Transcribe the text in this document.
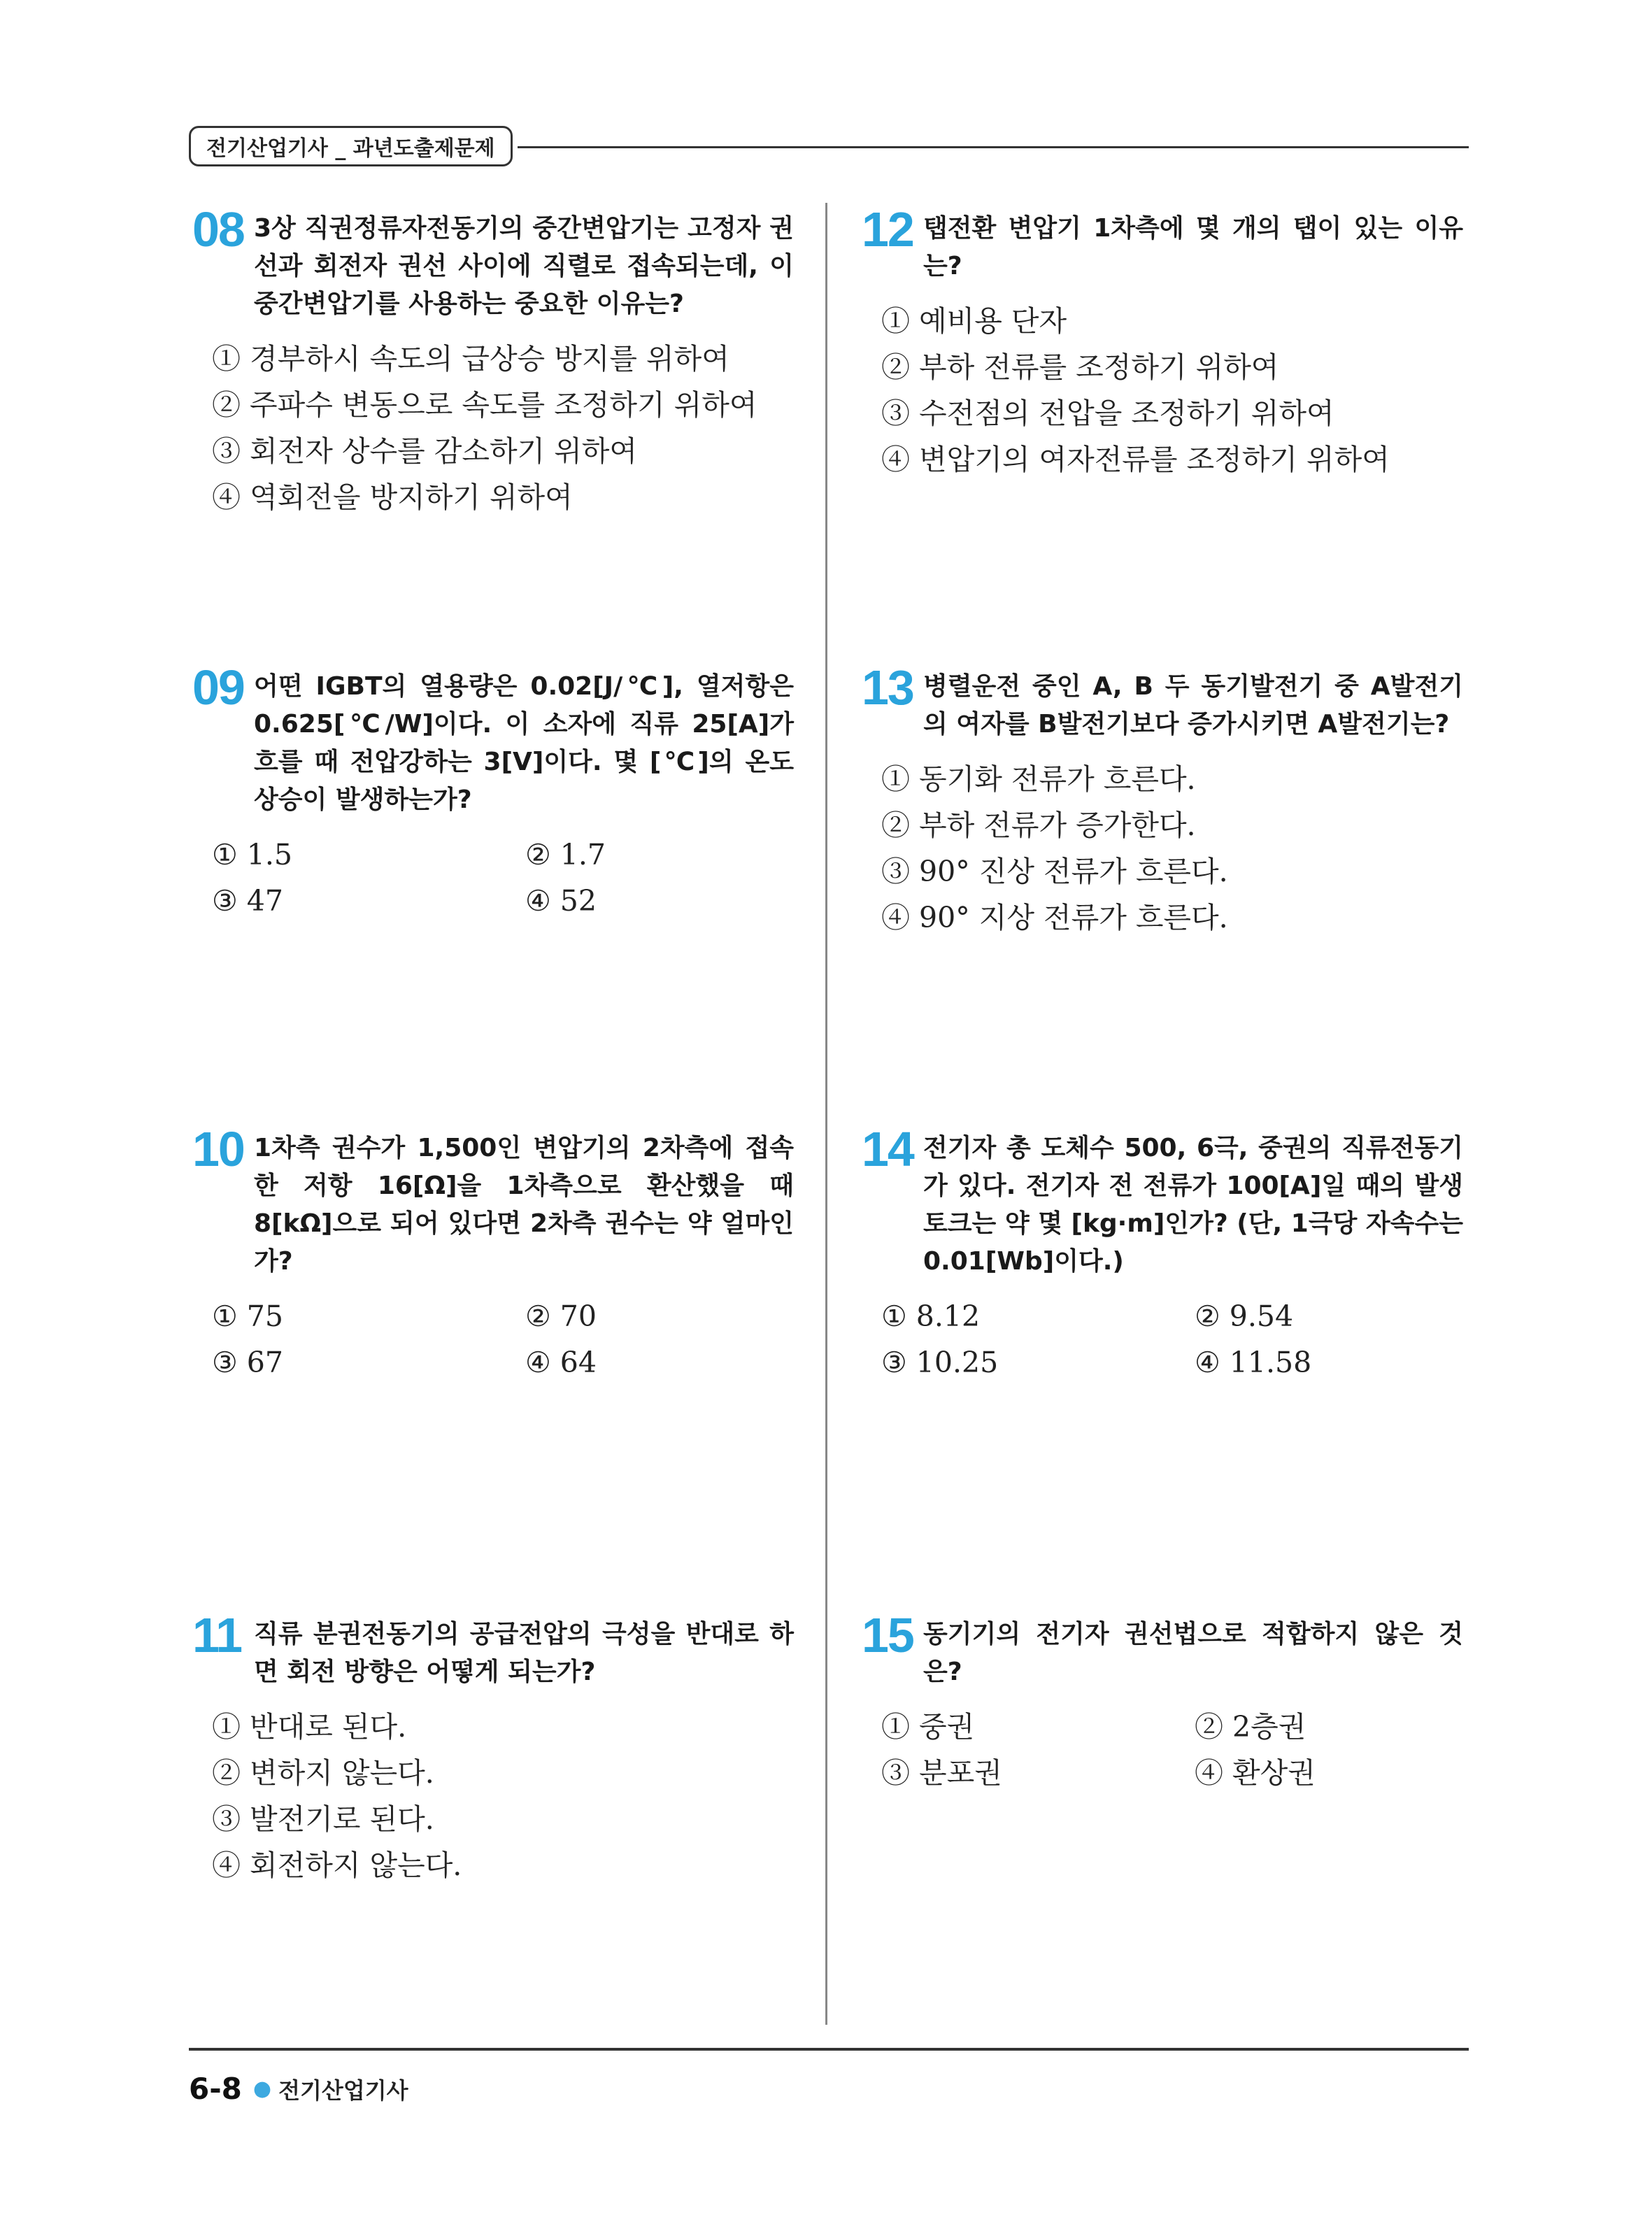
전기산업기사 _ 과년도출제문제
08 3상 직권정류자전동기의 중간변압기는 고정자 권선과 회전자 권선 사이에 직렬로 접속되는데, 이 중간변압기를 사용하는 중요한 이유는?
① 경부하시 속도의 급상승 방지를 위하여
② 주파수 변동으로 속도를 조정하기 위하여
③ 회전자 상수를 감소하기 위하여
④ 역회전을 방지하기 위하여
09 어떤 IGBT의 열용량은 0.02[J/℃], 열저항은 0.625[℃/W]이다. 이 소자에 직류 25[A]가 흐를 때 전압강하는 3[V]이다. 몇 [℃]의 온도상승이 발생하는가?
① 1.5	② 1.7
③ 47	④ 52
10 1차측 권수가 1,500인 변압기의 2차측에 접속한 저항 16[Ω]을 1차측으로 환산했을 때 8[kΩ]으로 되어 있다면 2차측 권수는 약 얼마인가?
① 75	② 70
③ 67	④ 64
11 직류 분권전동기의 공급전압의 극성을 반대로 하면 회전 방향은 어떻게 되는가?
① 반대로 된다.
② 변하지 않는다.
③ 발전기로 된다.
④ 회전하지 않는다.
12 탭전환 변압기 1차측에 몇 개의 탭이 있는 이유는?
① 예비용 단자
② 부하 전류를 조정하기 위하여
③ 수전점의 전압을 조정하기 위하여
④ 변압기의 여자전류를 조정하기 위하여
13 병렬운전 중인 A, B 두 동기발전기 중 A발전기의 여자를 B발전기보다 증가시키면 A발전기는?
① 동기화 전류가 흐른다.
② 부하 전류가 증가한다.
③ 90° 진상 전류가 흐른다.
④ 90° 지상 전류가 흐른다.
14 전기자 총 도체수 500, 6극, 중권의 직류전동기가 있다. 전기자 전 전류가 100[A]일 때의 발생토크는 약 몇 [kg·m]인가? (단, 1극당 자속수는 0.01[Wb]이다.)
① 8.12	② 9.54
③ 10.25	④ 11.58
15 동기기의 전기자 권선법으로 적합하지 않은 것은?
① 중권	② 2층권
③ 분포권	④ 환상권
6-8 ● 전기산업기사
